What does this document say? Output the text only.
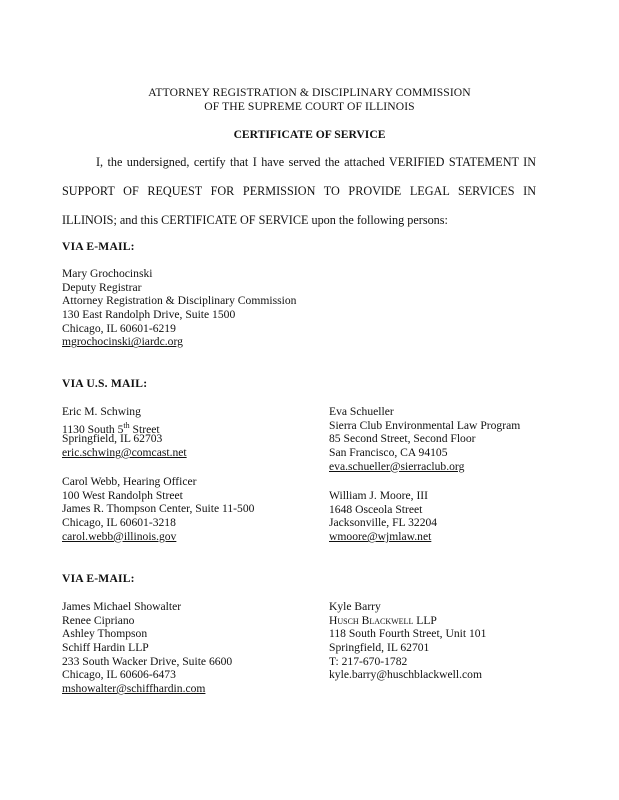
ATTORNEY REGISTRATION & DISCIPLINARY COMMISSION
OF THE SUPREME COURT OF ILLINOIS
CERTIFICATE OF SERVICE
I, the undersigned, certify that I have served the attached VERIFIED STATEMENT IN
SUPPORT OF REQUEST FOR PERMISSION TO PROVIDE LEGAL SERVICES IN
ILLINOIS; and this CERTIFICATE OF SERVICE upon the following persons:
VIA E-MAIL:
Mary Grochocinski
Deputy Registrar
Attorney Registration & Disciplinary Commission
130 East Randolph Drive, Suite 1500
Chicago, IL 60601-6219
mgrochocinski@iardc.org
VIA U.S. MAIL:
Eric M. Schwing
1130 South 5th Street
Springfield, IL 62703
eric.schwing@comcast.net
Carol Webb, Hearing Officer
100 West Randolph Street
James R. Thompson Center, Suite 11-500
Chicago, IL 60601-3218
carol.webb@illinois.gov
Eva Schueller
Sierra Club Environmental Law Program
85 Second Street, Second Floor
San Francisco, CA 94105
eva.schueller@sierraclub.org
William J. Moore, III
1648 Osceola Street
Jacksonville, FL 32204
wmoore@wjmlaw.net
VIA E-MAIL:
James Michael Showalter
Renee Cipriano
Ashley Thompson
Schiff Hardin LLP
233 South Wacker Drive, Suite 6600
Chicago, IL 60606-6473
mshowalter@schiffhardin.com
Kyle Barry
Husch Blackwell LLP
118 South Fourth Street, Unit 101
Springfield, IL 62701
T: 217-670-1782
kyle.barry@huschblackwell.com
